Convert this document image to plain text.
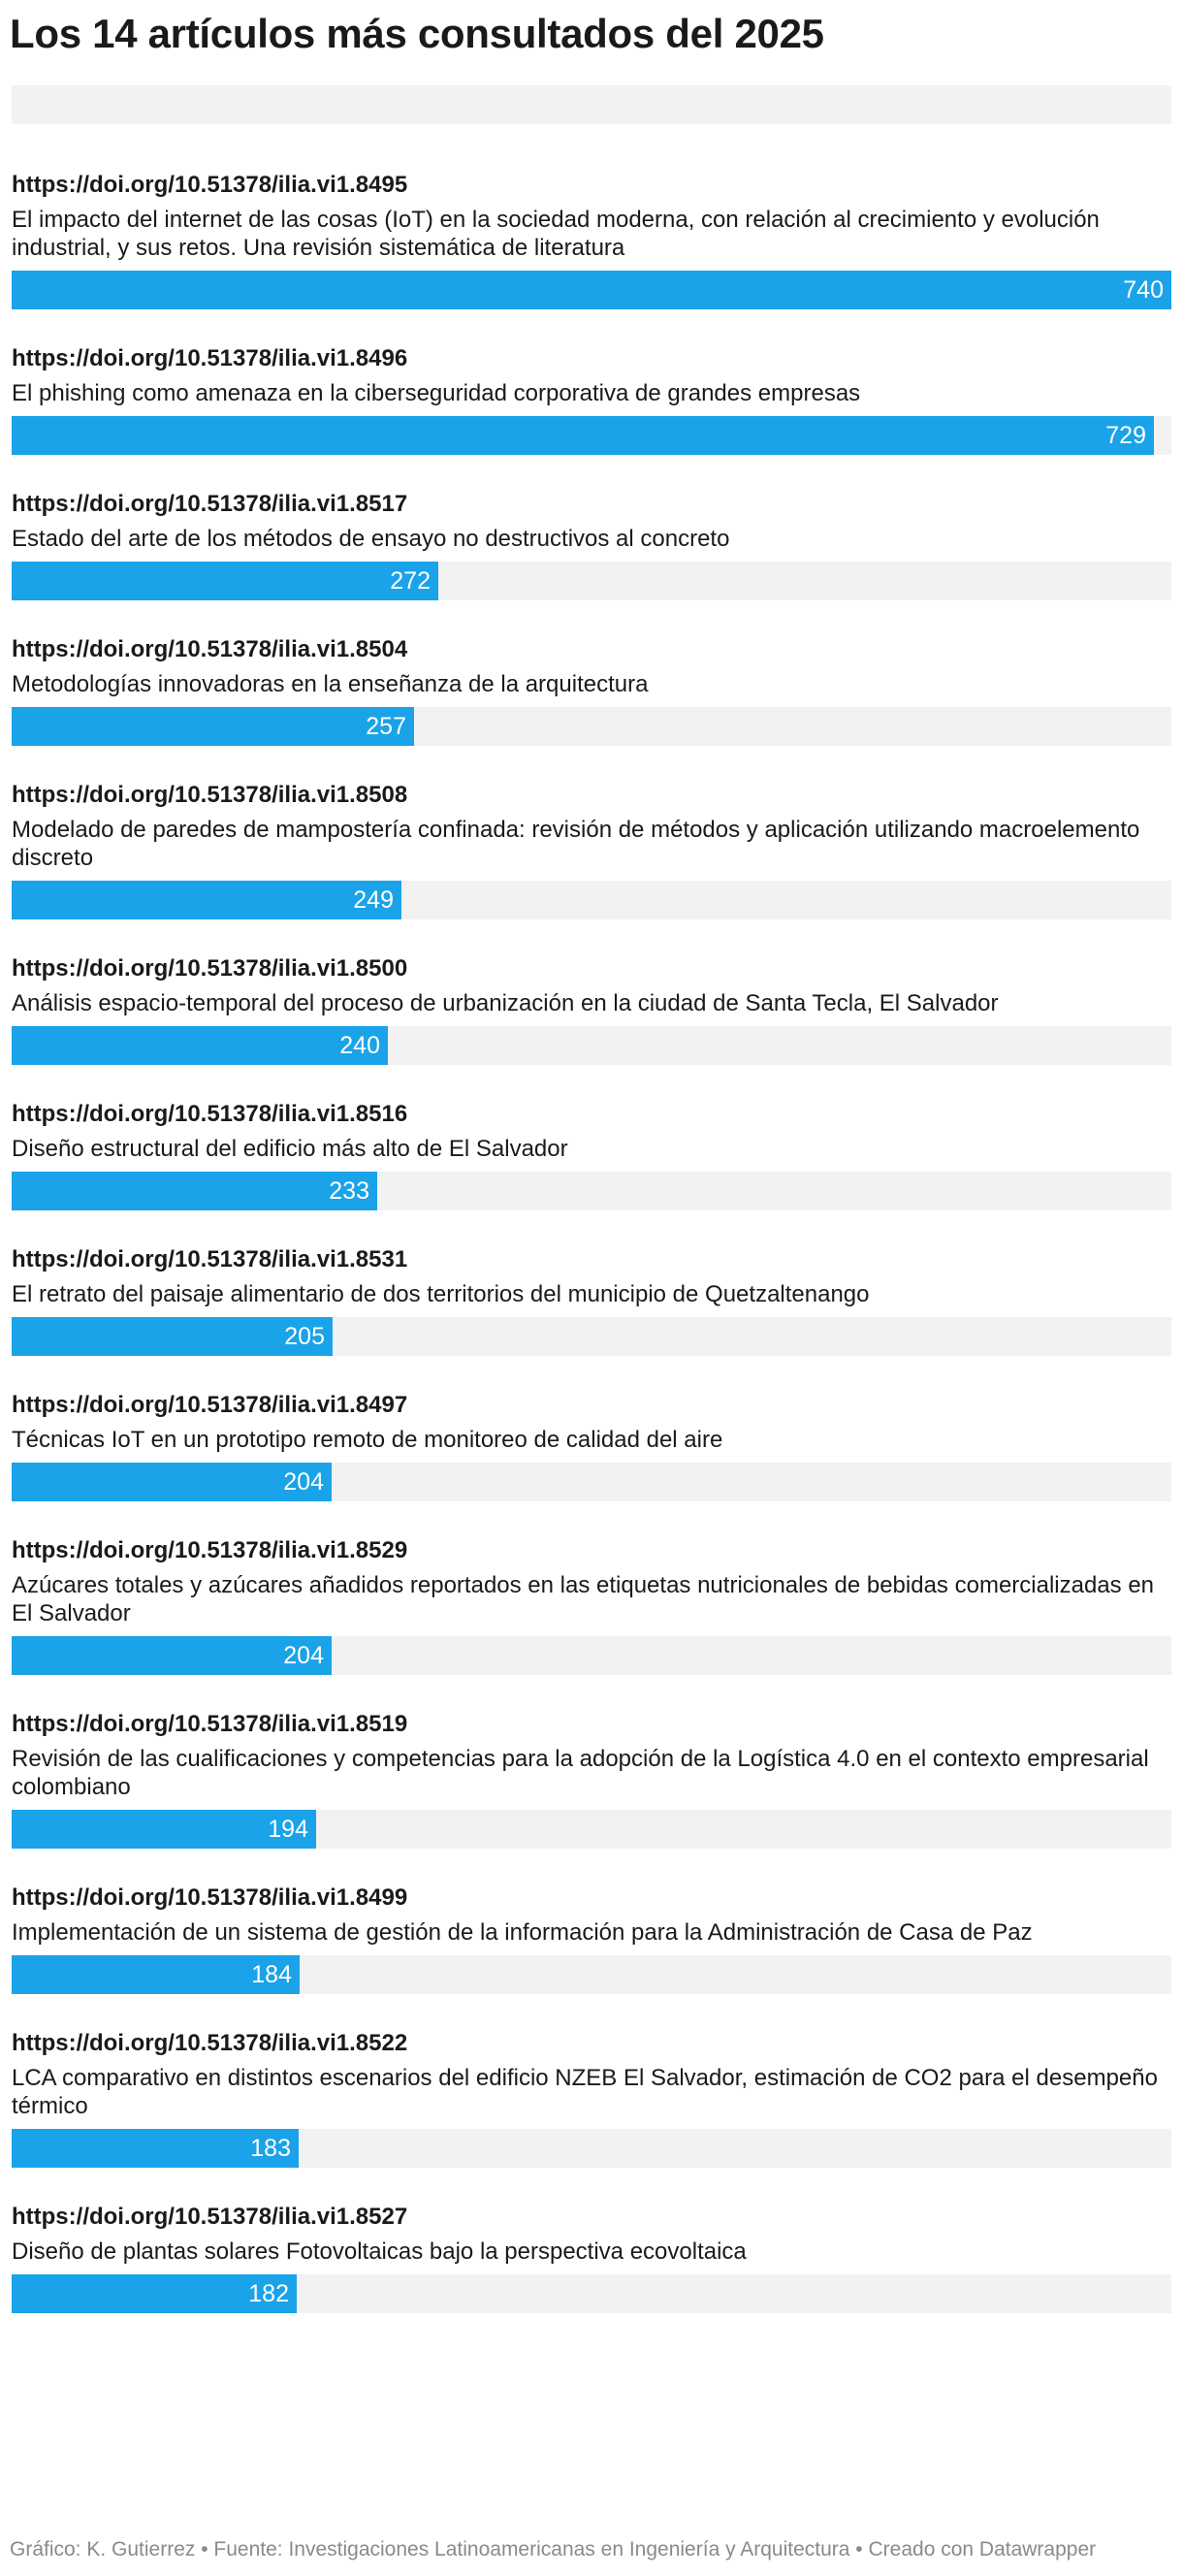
Los 14 artículos más consultados del 2025
https://doi.org/10.51378/ilia.vi1.8495
El impacto del internet de las cosas (IoT) en la sociedad moderna, con relación al crecimiento y evolución industrial, y sus retos. Una revisión sistemática de literatura
740
https://doi.org/10.51378/ilia.vi1.8496
El phishing como amenaza en la ciberseguridad corporativa de grandes empresas
729
https://doi.org/10.51378/ilia.vi1.8517
Estado del arte de los métodos de ensayo no destructivos al concreto
272
https://doi.org/10.51378/ilia.vi1.8504
Metodologías innovadoras en la enseñanza de la arquitectura
257
https://doi.org/10.51378/ilia.vi1.8508
Modelado de paredes de mampostería confinada: revisión de métodos y aplicación utilizando macroelemento discreto
249
https://doi.org/10.51378/ilia.vi1.8500
Análisis espacio-temporal del proceso de urbanización en la ciudad de Santa Tecla, El Salvador
240
https://doi.org/10.51378/ilia.vi1.8516
Diseño estructural del edificio más alto de El Salvador
233
https://doi.org/10.51378/ilia.vi1.8531
El retrato del paisaje alimentario de dos territorios del municipio de Quetzaltenango
205
https://doi.org/10.51378/ilia.vi1.8497
Técnicas IoT en un prototipo remoto de monitoreo de calidad del aire
204
https://doi.org/10.51378/ilia.vi1.8529
Azúcares totales y azúcares añadidos reportados en las etiquetas nutricionales de bebidas comercializadas en El Salvador
204
https://doi.org/10.51378/ilia.vi1.8519
Revisión de las cualificaciones y competencias para la adopción de la Logística 4.0 en el contexto empresarial colombiano
194
https://doi.org/10.51378/ilia.vi1.8499
Implementación de un sistema de gestión de la información para la Administración de Casa de Paz
184
https://doi.org/10.51378/ilia.vi1.8522
LCA comparativo en distintos escenarios del edificio NZEB El Salvador, estimación de CO2 para el desempeño térmico
183
https://doi.org/10.51378/ilia.vi1.8527
Diseño de plantas solares Fotovoltaicas bajo la perspectiva ecovoltaica
182
Gráfico: K. Gutierrez • Fuente: Investigaciones Latinoamericanas en Ingeniería y Arquitectura • Creado con Datawrapper
